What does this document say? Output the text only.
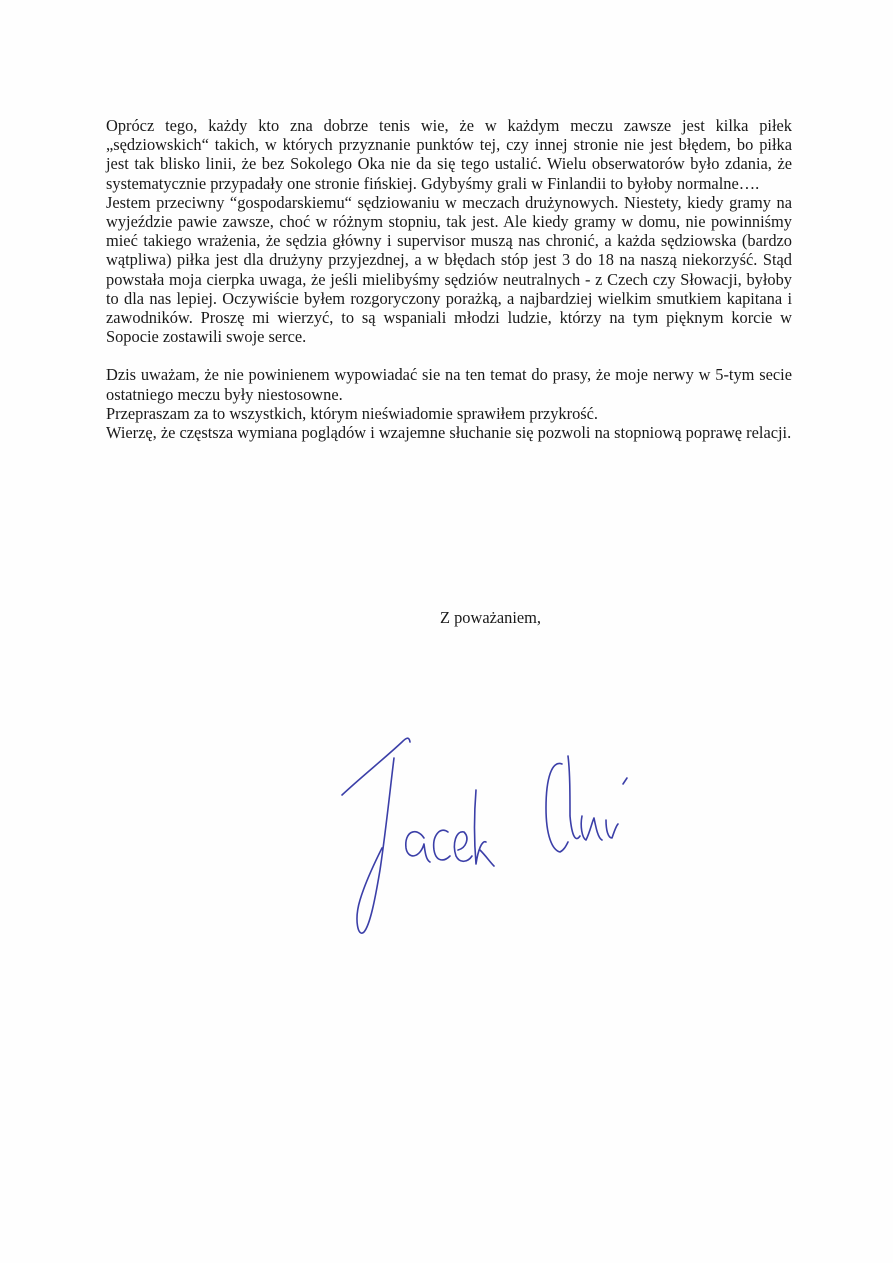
Oprócz tego, każdy kto zna dobrze tenis wie, że w każdym meczu zawsze jest kilka piłek „sędziowskich“ takich, w których przyznanie punktów tej, czy innej stronie nie jest błędem, bo piłka jest tak blisko linii, że bez Sokolego Oka nie da się tego ustalić. Wielu obserwatorów było zdania, że systematycznie przypadały one stronie fińskiej. Gdybyśmy grali w Finlandii to byłoby normalne….

Jestem przeciwny “gospodarskiemu“ sędziowaniu w meczach drużynowych. Niestety, kiedy gramy na wyjeździe pawie zawsze, choć w różnym stopniu, tak jest. Ale kiedy gramy w domu, nie powinniśmy mieć takiego wrażenia, że sędzia główny i supervisor muszą nas chronić, a każda sędziowska (bardzo wątpliwa) piłka jest dla drużyny przyjezdnej, a w błędach stóp jest 3 do 18 na naszą niekorzyść. Stąd powstała moja cierpka uwaga, że jeśli mielibyśmy sędziów neutralnych - z Czech czy Słowacji, byłoby to dla nas lepiej. Oczywiście byłem rozgoryczony porażką, a najbardziej wielkim smutkiem kapitana i zawodników. Proszę mi wierzyć, to są wspaniali młodzi ludzie, którzy na tym pięknym korcie w Sopocie zostawili swoje serce.

Dzis uważam, że nie powinienem wypowiadać sie na ten temat do prasy, że moje nerwy w 5-tym secie ostatniego meczu były niestosowne.

Przepraszam za to wszystkich, którym nieświadomie sprawiłem przykrość.

Wierzę, że częstsza wymiana poglądów i wzajemne słuchanie się pozwoli na stopniową poprawę relacji.

Z poważaniem,
